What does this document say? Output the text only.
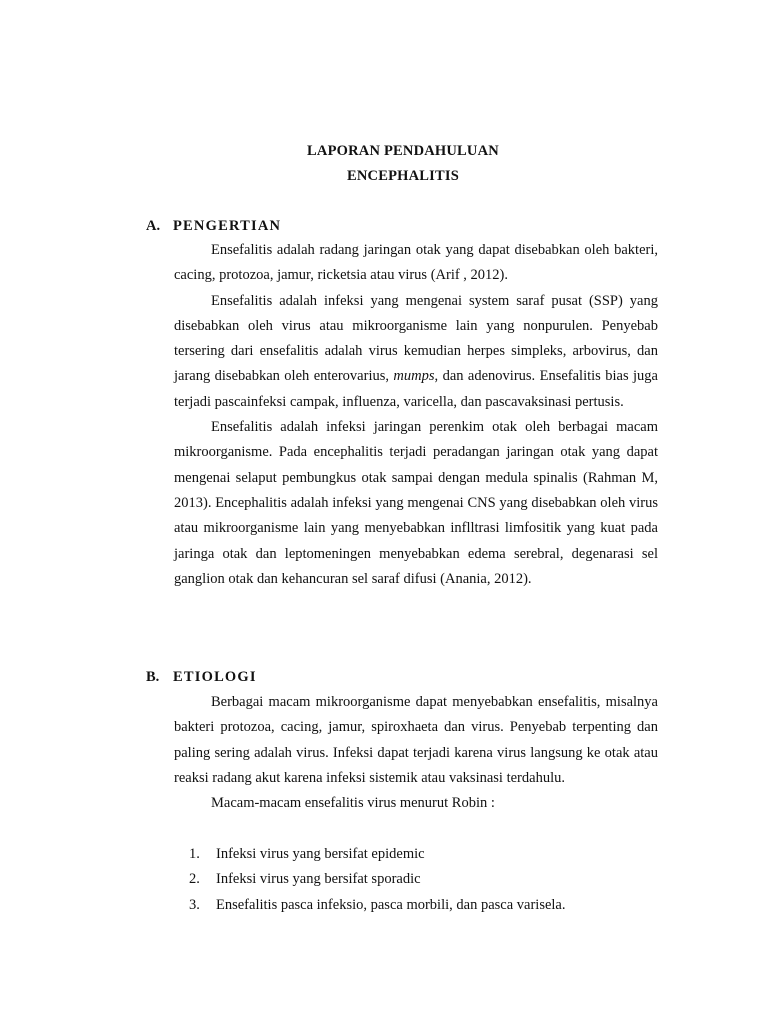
LAPORAN PENDAHULUAN
ENCEPHALITIS
A. PENGERTIAN

Ensefalitis adalah radang jaringan otak yang dapat disebabkan oleh bakteri, cacing, protozoa, jamur, ricketsia atau virus (Arif , 2012).

Ensefalitis adalah infeksi yang mengenai system saraf pusat (SSP) yang disebabkan oleh virus atau mikroorganisme lain yang nonpurulen. Penyebab tersering dari ensefalitis adalah virus kemudian herpes simpleks, arbovirus, dan jarang disebabkan oleh enterovarius, mumps, dan adenovirus. Ensefalitis bias juga terjadi pascainfeksi campak, influenza, varicella, dan pascavaksinasi pertusis.

Ensefalitis adalah infeksi jaringan perenkim otak oleh berbagai macam mikroorganisme. Pada encephalitis terjadi peradangan jaringan otak yang dapat mengenai selaput pembungkus otak sampai dengan medula spinalis (Rahman M, 2013). Encephalitis adalah infeksi yang mengenai CNS yang disebabkan oleh virus atau mikroorganisme lain yang menyebabkan inflltrasi limfositik yang kuat pada jaringa otak dan leptomeningen menyebabkan edema serebral, degenarasi sel ganglion otak dan kehancuran sel saraf difusi (Anania, 2012).

B. ETIOLOGI

Berbagai macam mikroorganisme dapat menyebabkan ensefalitis, misalnya bakteri protozoa, cacing, jamur, spiroxhaeta dan virus. Penyebab terpenting dan paling sering adalah virus. Infeksi dapat terjadi karena virus langsung ke otak atau reaksi radang akut karena infeksi sistemik atau vaksinasi terdahulu.

Macam-macam ensefalitis virus menurut Robin :

1. Infeksi virus yang bersifat epidemic
2. Infeksi virus yang bersifat sporadic
3. Ensefalitis pasca infeksio, pasca morbili, dan pasca varisela.
